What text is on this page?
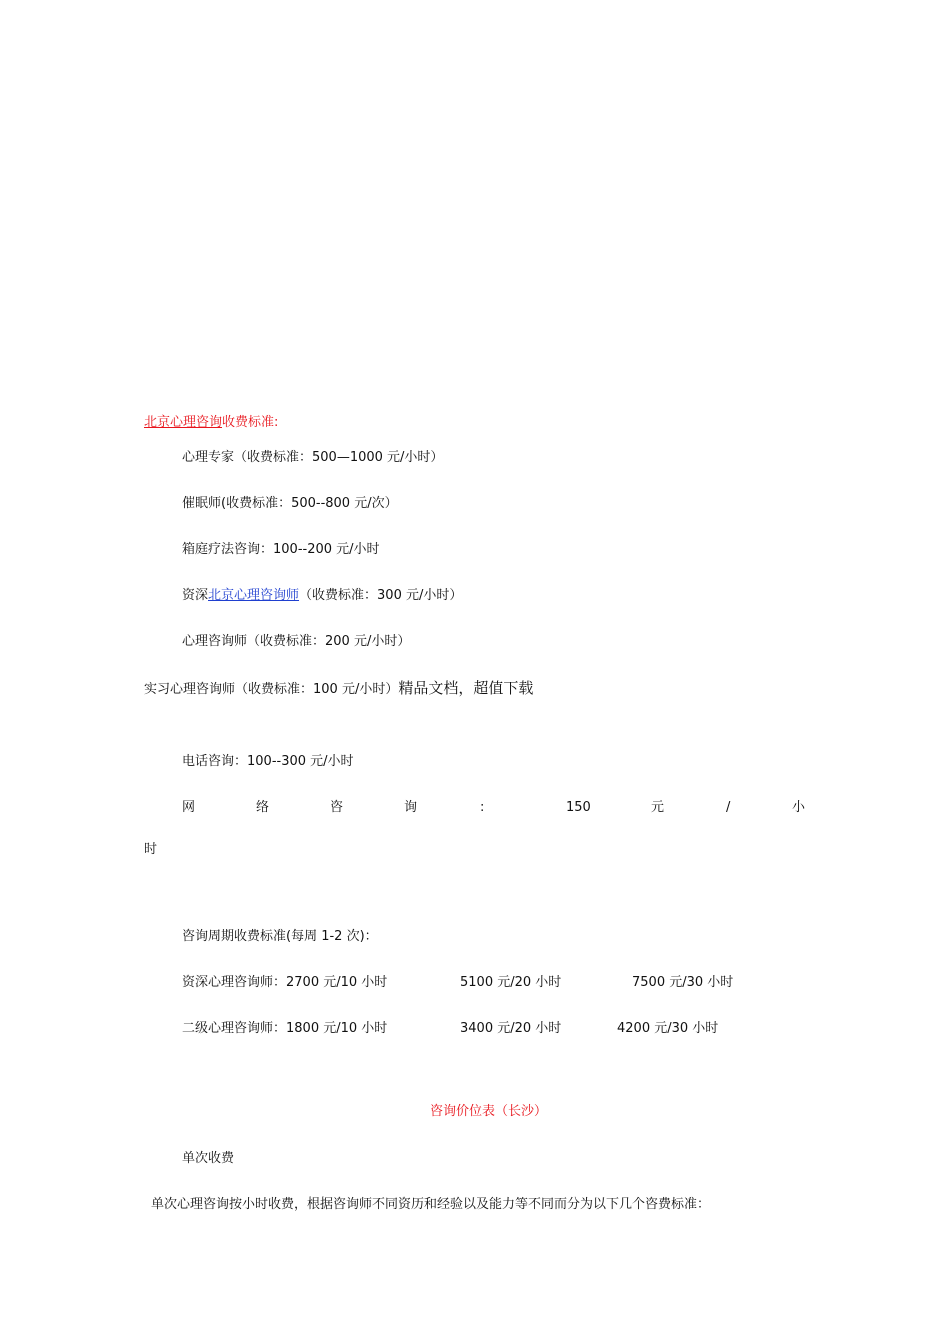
北京心理咨询收费标准:
心理专家（收费标准：500—1000 元/小时）
催眠师(收费标准：500--800 元/次）
箱庭疗法咨询：100--200 元/小时
资深北京心理咨询师（收费标准：300 元/小时）
心理咨询师（收费标准：200 元/小时）
实习心理咨询师（收费标准：100 元/小时）精品文档，超值下载
电话咨询：100--300 元/小时
网	络	咨	询	:	150	元	/	小
时
咨询周期收费标准(每周 1-2 次)：
资深心理咨询师：2700 元/10 小时	5100 元/20 小时	7500 元/30 小时
二级心理咨询师：1800 元/10 小时	3400 元/20 小时	4200 元/30 小时
咨询价位表（长沙）
单次收费
单次心理咨询按小时收费，根据咨询师不同资历和经验以及能力等不同而分为以下几个咨费标准：
